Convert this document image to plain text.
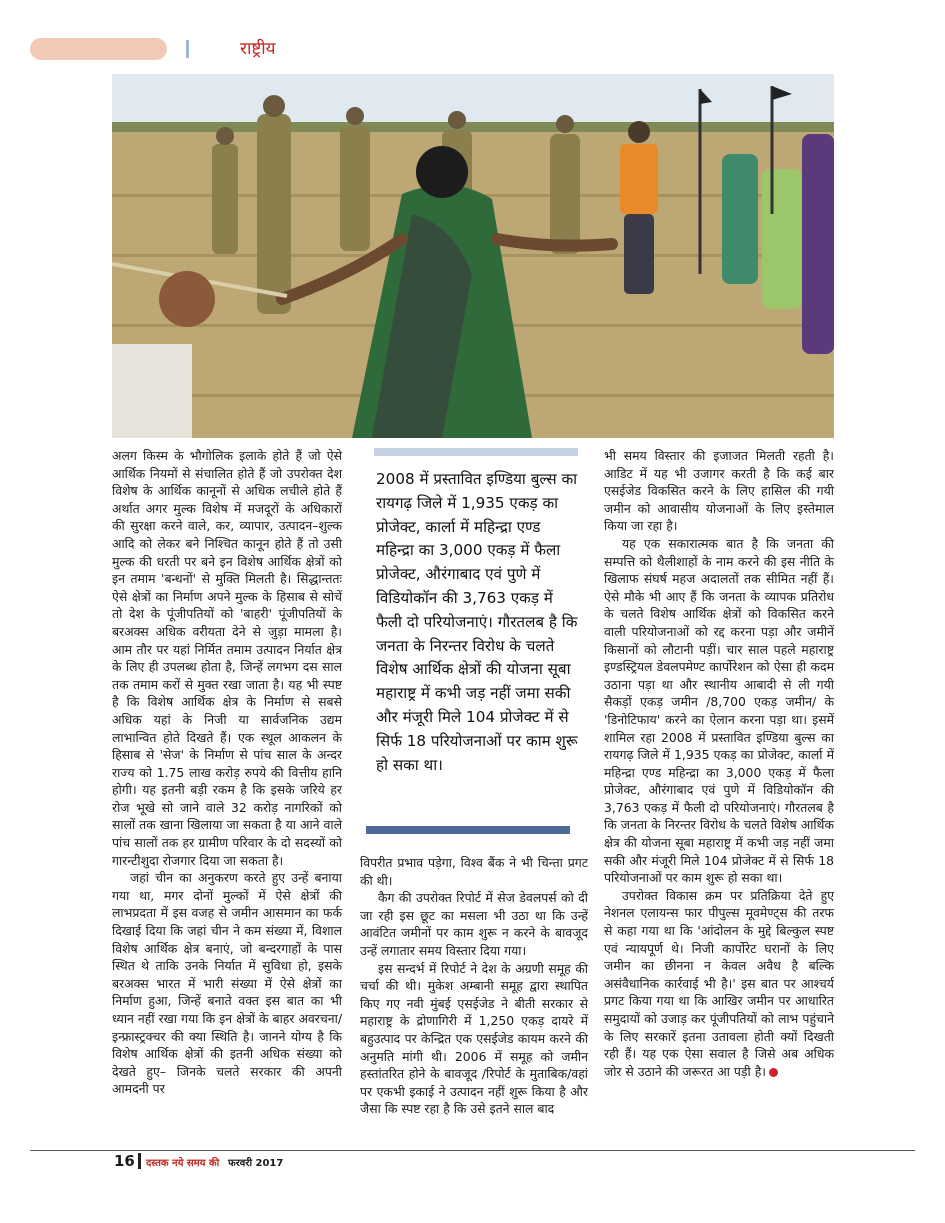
राष्ट्रीय

अलग किस्म के भौगोलिक इलाके होते हैं जो ऐसे आर्थिक नियमों से संचालित होते हैं जो उपरोक्त देश विशेष के आर्थिक कानूनों से अधिक लचीले होते हैं अर्थात अगर मुल्क विशेष में मजदूरों के अधिकारों की सुरक्षा करने वाले, कर, व्यापार, उत्पादन–शुल्क आदि को लेकर बने निश्चित कानून होते हैं तो उसी मुल्क की धरती पर बने इन विशेष आर्थिक क्षेत्रों को इन तमाम 'बन्धनों' से मुक्ति मिलती है। सिद्धान्ततः ऐसे क्षेत्रों का निर्माण अपने मुल्क के हिसाब से सोचें तो देश के पूंजीपतियों को 'बाहरी' पूंजीपतियों के बरअक्स अधिक वरीयता देने से जुड़ा मामला है। आम तौर पर यहां निर्मित तमाम उत्पादन निर्यात क्षेत्र के लिए ही उपलब्ध होता है, जिन्हें लगभग दस साल तक तमाम करों से मुक्त रखा जाता है। यह भी स्पष्ट है कि विशेष आर्थिक क्षेत्र के निर्माण से सबसे अधिक यहां के निजी या सार्वजनिक उद्यम लाभान्वित होते दिखते हैं। एक स्थूल आकलन के हिसाब से 'सेज' के निर्माण से पांच साल के अन्दर राज्य को 1.75 लाख करोड़ रुपये की वित्तीय हानि होगी। यह इतनी बड़ी रकम है कि इसके जरिये हर रोज भूखे सो जाने वाले 32 करोड़ नागरिकों को सालों तक खाना खिलाया जा सकता है या आने वाले पांच सालों तक हर ग्रामीण परिवार के दो सदस्यों को गारन्टीशुदा रोजगार दिया जा सकता है।

जहां चीन का अनुकरण करते हुए उन्हें बनाया गया था, मगर दोनों मुल्कों में ऐसे क्षेत्रों की लाभप्रदता में इस वजह से जमीन आसमान का फर्क दिखाई दिया कि जहां चीन ने कम संख्या में, विशाल विशेष आर्थिक क्षेत्र बनाएं, जो बन्दरगाहों के पास स्थित थे ताकि उनके निर्यात में सुविधा हो, इसके बरअक्स भारत में भारी संख्या में ऐसे क्षेत्रों का निर्माण हुआ, जिन्हें बनाते वक्त इस बात का भी ध्यान नहीं रखा गया कि इन क्षेत्रों के बाहर अवरचना/इन्फ्रास्ट्रक्चर की क्या स्थिति है। जानने योग्य है कि विशेष आर्थिक क्षेत्रों की इतनी अधिक संख्या को देखते हुए– जिनके चलते सरकार की अपनी आमदनी पर

2008 में प्रस्तावित इण्डिया बुल्स का रायगढ़ जिले में 1,935 एकड़ का प्रोजेक्ट, कार्ला में महिन्द्रा एण्ड महिन्द्रा का 3,000 एकड़ में फैला प्रोजेक्ट, औरंगाबाद एवं पुणे में विडियोकॉन की 3,763 एकड़ में फैली दो परियोजनाएं। गौरतलब है कि जनता के निरन्तर विरोध के चलते विशेष आर्थिक क्षेत्रों की योजना सूबा महाराष्ट्र में कभी जड़ नहीं जमा सकी और मंजूरी मिले 104 प्रोजेक्ट में से सिर्फ 18 परियोजनाओं पर काम शुरू हो सका था।

विपरीत प्रभाव पड़ेगा, विश्व बैंक ने भी चिन्ता प्रगट की थी।

कैग की उपरोक्त रिपोर्ट में सेज डेवलपर्स को दी जा रही इस छूट का मसला भी उठा था कि उन्हें आवंटित जमीनों पर काम शुरू न करने के बावजूद उन्हें लगातार समय विस्तार दिया गया।

इस सन्दर्भ में रिपोर्ट ने देश के अग्रणी समूह की चर्चा की थी। मुकेश अम्बानी समूह द्वारा स्थापित किए गए नवी मुंबई एसईजेड ने बीती सरकार से महाराष्ट्र के द्रोणागिरी में 1,250 एकड़ दायरे में बहुउत्पाद पर केन्द्रित एक एसईजेड कायम करने की अनुमति मांगी थी। 2006 में समूह को जमीन हस्तांतरित होने के बावजूद /रिपोर्ट के मुताबिक/वहां पर एकभी इकाई ने उत्पादन नहीं शुरू किया है और जैसा कि स्पष्ट रहा है कि उसे इतने साल बाद

भी समय विस्तार की इजाजत मिलती रहती है। आडिट में यह भी उजागर करती है कि कई बार एसईजेड विकसित करने के लिए हासिल की गयी जमीन को आवासीय योजनाओं के लिए इस्तेमाल किया जा रहा है।

यह एक सकारात्मक बात है कि जनता की सम्पत्ति को थैलीशाहों के नाम करने की इस नीति के खिलाफ संघर्ष महज अदालतों तक सीमित नहीं हैं। ऐसे मौके भी आए हैं कि जनता के व्यापक प्रतिरोध के चलते विशेष आर्थिक क्षेत्रों को विकसित करने वाली परियोजनाओं को रद्द करना पड़ा और जमीनें किसानों को लौटानी पड़ीं। चार साल पहले महाराष्ट्र इण्डस्ट्रियल डेवलपमेण्ट कार्पोरेशन को ऐसा ही कदम उठाना पड़ा था और स्थानीय आबादी से ली गयी सैकड़ों एकड़ जमीन /8,700 एकड़ जमीन/ के 'डिनोटिफाय' करने का ऐलान करना पड़ा था। इसमें शामिल रहा 2008 में प्रस्तावित इण्डिया बुल्स का रायगढ़ जिले में 1,935 एकड़ का प्रोजेक्ट, कार्ला में महिन्द्रा एण्ड महिन्द्रा का 3,000 एकड़ में फैला प्रोजेक्ट, औरंगाबाद एवं पुणे में विडियोकॉन की 3,763 एकड़ में फैली दो परियोजनाएं। गौरतलब है कि जनता के निरन्तर विरोध के चलते विशेष आर्थिक क्षेत्र की योजना सूबा महाराष्ट्र में कभी जड़ नहीं जमा सकी और मंजूरी मिले 104 प्रोजेक्ट में से सिर्फ 18 परियोजनाओं पर काम शुरू हो सका था।

उपरोक्त विकास क्रम पर प्रतिक्रिया देते हुए नेशनल एलायन्स फार पीपुल्स मूवमेण्ट्स की तरफ से कहा गया था कि 'आंदोलन के मुद्दे बिल्कुल स्पष्ट एवं न्यायपूर्ण थे। निजी कार्पोरेट घरानों के लिए जमीन का छीनना न केवल अवैध है बल्कि असंवैधानिक कार्रवाई भी है।' इस बात पर आश्चर्य प्रगट किया गया था कि आखिर जमीन पर आधारित समुदायों को उजाड़ कर पूंजीपतियों को लाभ पहुंचाने के लिए सरकारें इतना उतावला होती क्यों दिखती रही हैं। यह एक ऐसा सवाल है जिसे अब अधिक जोर से उठाने की जरूरत आ पड़ी है।

16 दस्तक नये समय की फरवरी 2017
